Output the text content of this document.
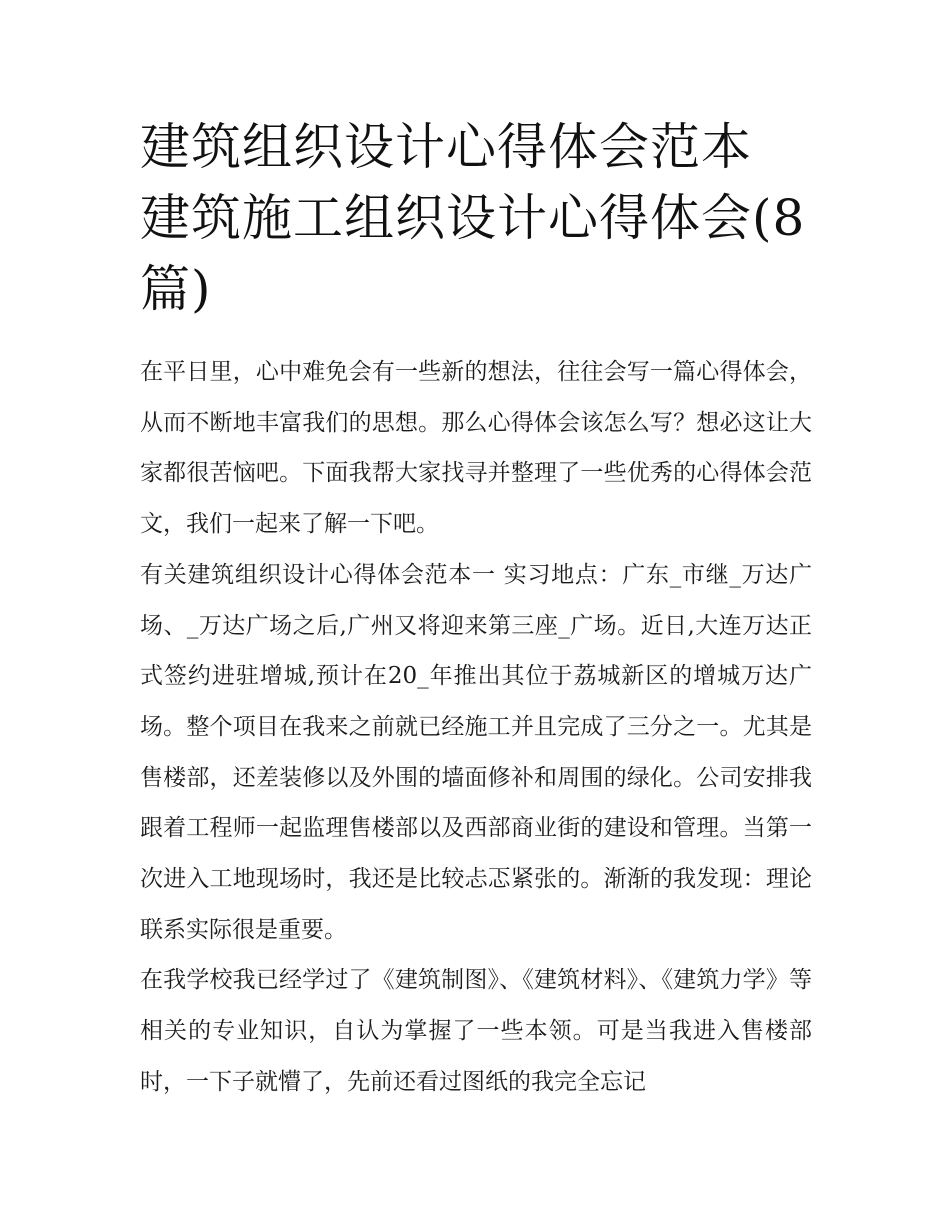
建筑组织设计心得体会范本 建筑施工组织设计心得体会(8篇)

在平日里，心中难免会有一些新的想法，往往会写一篇心得体会，从而不断地丰富我们的思想。那么心得体会该怎么写？想必这让大家都很苦恼吧。下面我帮大家找寻并整理了一些优秀的心得体会范文，我们一起来了解一下吧。

有关建筑组织设计心得体会范本一 实习地点：广东_市继_万达广场、_万达广场之后,广州又将迎来第三座_广场。近日,大连万达正式签约进驻增城,预计在20_年推出其位于荔城新区的增城万达广场。整个项目在我来之前就已经施工并且完成了三分之一。尤其是售楼部，还差装修以及外围的墙面修补和周围的绿化。公司安排我跟着工程师一起监理售楼部以及西部商业街的建设和管理。当第一次进入工地现场时，我还是比较忐忑紧张的。渐渐的我发现：理论联系实际很是重要。

在我学校我已经学过了《建筑制图》、《建筑材料》、《建筑力学》等相关的专业知识，自认为掌握了一些本领。可是当我进入售楼部时，一下子就懵了，先前还看过图纸的我完全忘记
